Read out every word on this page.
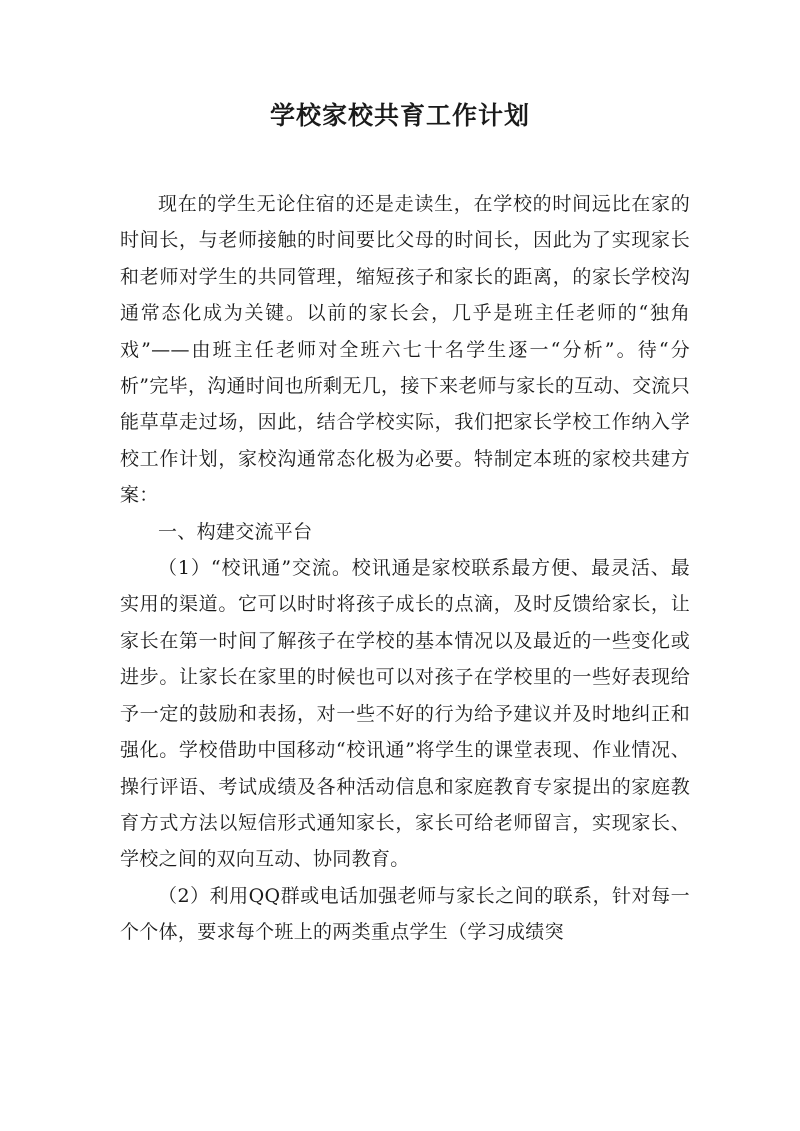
学校家校共育工作计划

现在的学生无论住宿的还是走读生，在学校的时间远比在家的时间长，与老师接触的时间要比父母的时间长，因此为了实现家长和老师对学生的共同管理，缩短孩子和家长的距离，的家长学校沟通常态化成为关键。以前的家长会，几乎是班主任老师的“独角戏”——由班主任老师对全班六七十名学生逐一“分析”。待“分析”完毕，沟通时间也所剩无几，接下来老师与家长的互动、交流只能草草走过场，因此，结合学校实际，我们把家长学校工作纳入学校工作计划，家校沟通常态化极为必要。特制定本班的家校共建方案：

一、构建交流平台

（1）“校讯通”交流。校讯通是家校联系最方便、最灵活、最实用的渠道。它可以时时将孩子成长的点滴，及时反馈给家长，让家长在第一时间了解孩子在学校的基本情况以及最近的一些变化或进步。让家长在家里的时候也可以对孩子在学校里的一些好表现给予一定的鼓励和表扬，对一些不好的行为给予建议并及时地纠正和强化。学校借助中国移动“校讯通”将学生的课堂表现、作业情况、操行评语、考试成绩及各种活动信息和家庭教育专家提出的家庭教育方式方法以短信形式通知家长，家长可给老师留言，实现家长、学校之间的双向互动、协同教育。

（2）利用QQ群或电话加强老师与家长之间的联系，针对每一个个体，要求每个班上的两类重点学生（学习成绩突
